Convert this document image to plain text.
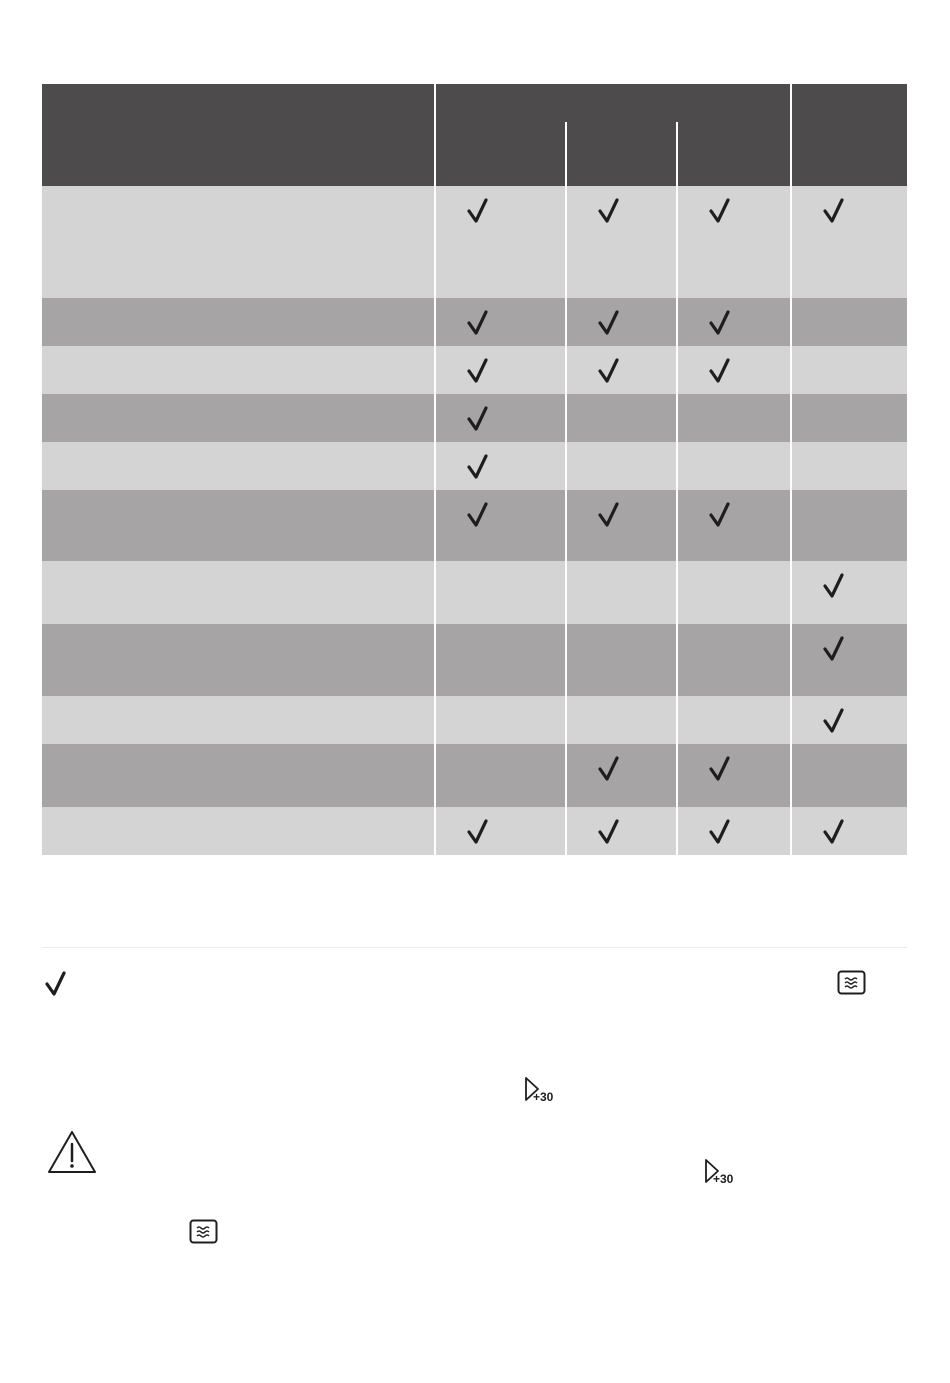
+30
+30
